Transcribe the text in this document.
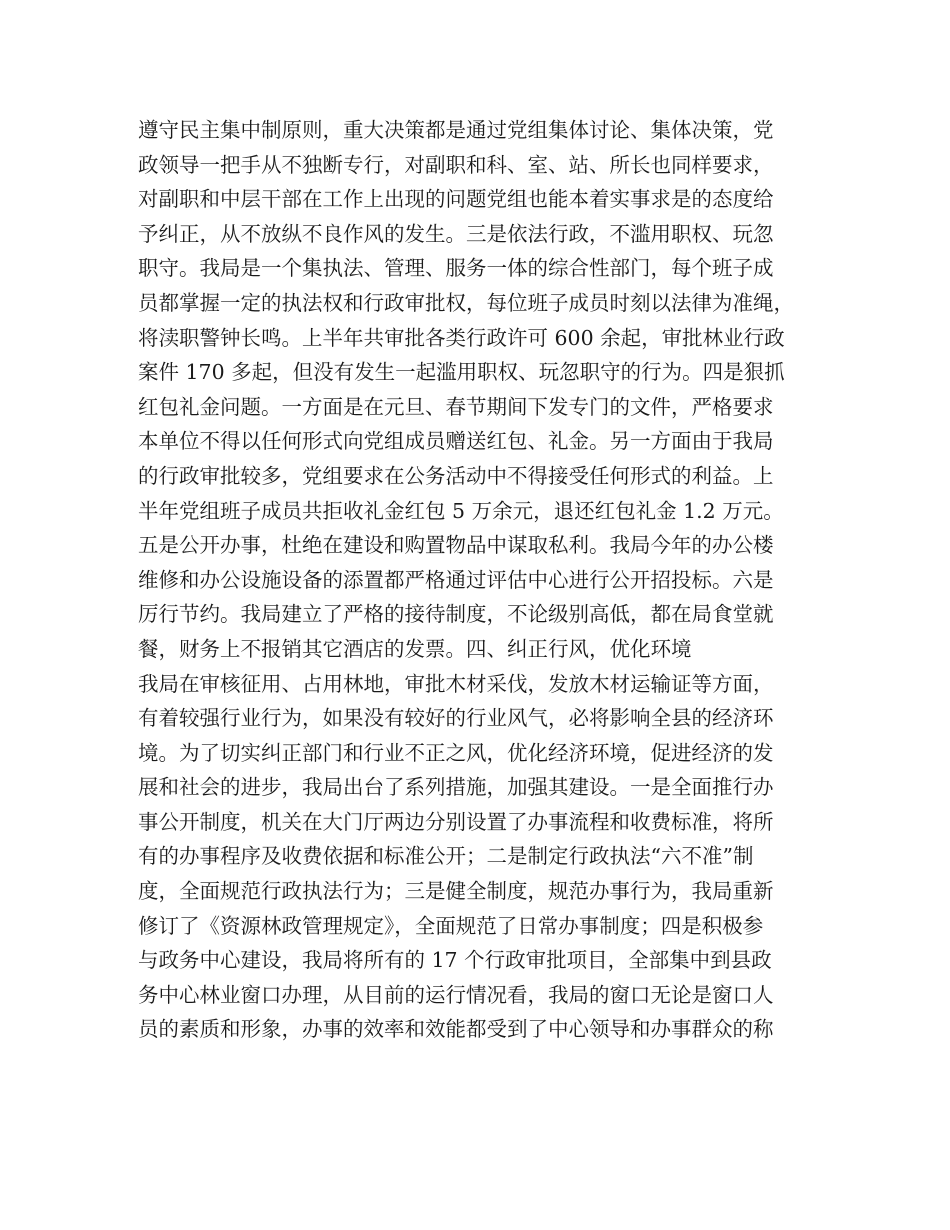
遵守民主集中制原则，重大决策都是通过党组集体讨论、集体决策，党
政领导一把手从不独断专行，对副职和科、室、站、所长也同样要求，
对副职和中层干部在工作上出现的问题党组也能本着实事求是的态度给
予纠正，从不放纵不良作风的发生。三是依法行政，不滥用职权、玩忽
职守。我局是一个集执法、管理、服务一体的综合性部门，每个班子成
员都掌握一定的执法权和行政审批权，每位班子成员时刻以法律为准绳，
将渎职警钟长鸣。上半年共审批各类行政许可 600 余起，审批林业行政
案件 170 多起，但没有发生一起滥用职权、玩忽职守的行为。四是狠抓
红包礼金问题。一方面是在元旦、春节期间下发专门的文件，严格要求
本单位不得以任何形式向党组成员赠送红包、礼金。另一方面由于我局
的行政审批较多，党组要求在公务活动中不得接受任何形式的利益。上
半年党组班子成员共拒收礼金红包 5 万余元，退还红包礼金 1.2 万元。
五是公开办事，杜绝在建设和购置物品中谋取私利。我局今年的办公楼
维修和办公设施设备的添置都严格通过评估中心进行公开招投标。六是
厉行节约。我局建立了严格的接待制度，不论级别高低，都在局食堂就
餐，财务上不报销其它酒店的发票。四、纠正行风，优化环境
我局在审核征用、占用林地，审批木材采伐，发放木材运输证等方面，
有着较强行业行为，如果没有较好的行业风气，必将影响全县的经济环
境。为了切实纠正部门和行业不正之风，优化经济环境，促进经济的发
展和社会的进步，我局出台了系列措施，加强其建设。一是全面推行办
事公开制度，机关在大门厅两边分别设置了办事流程和收费标准，将所
有的办事程序及收费依据和标准公开；二是制定行政执法“六不准”制
度，全面规范行政执法行为；三是健全制度，规范办事行为，我局重新
修订了《资源林政管理规定》，全面规范了日常办事制度；四是积极参
与政务中心建设，我局将所有的 17 个行政审批项目，全部集中到县政
务中心林业窗口办理，从目前的运行情况看，我局的窗口无论是窗口人
员的素质和形象，办事的效率和效能都受到了中心领导和办事群众的称
